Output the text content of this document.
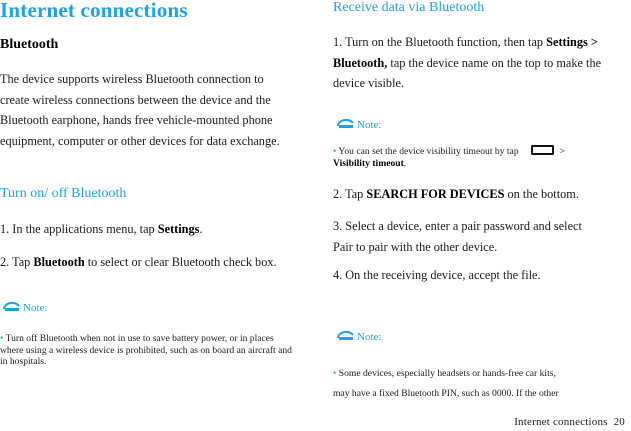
Internet connections
Bluetooth
The device supports wireless Bluetooth connection to create wireless connections between the device and the Bluetooth earphone, hands free vehicle-mounted phone equipment, computer or other devices for data exchange.
Turn on/ off Bluetooth
1. In the applications menu, tap Settings.
2. Tap Bluetooth to select or clear Bluetooth check box.
Note:
• Turn off Bluetooth when not in use to save battery power, or in places where using a wireless device is prohibited, such as on board an aircraft and in hospitals.
Receive data via Bluetooth
1. Turn on the Bluetooth function, then tap Settings >
Bluetooth, tap the device name on the top to make the device visible.
Note:
• You can set the device visibility timeout by tap	>
Visibility timeout.
2. Tap SEARCH FOR DEVICES on the bottom.
3. Select a device, enter a pair password and select
Pair to pair with the other device.
4. On the receiving device, accept the file.
Note:
• Some devices, especially headsets or hands-free car kits,
may have a fixed Bluetooth PIN, such as 0000. If the other
Internet connections 20
